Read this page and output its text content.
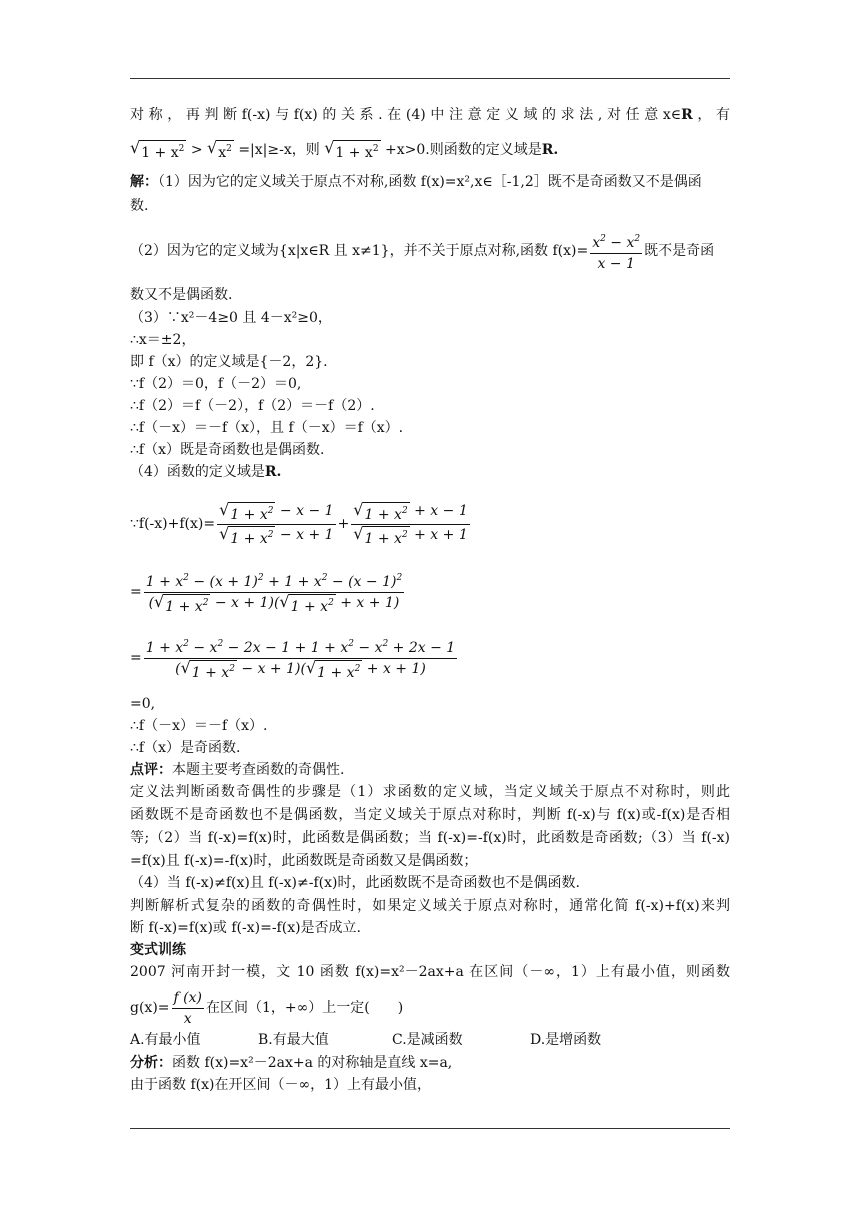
对称，再判断f(-x)与f(x)的关系.在(4)中注意定义域的求法,对任意x∈R，有
√ $1 + x^2$ > √ $x^2 =|x|\ge-x$，则 √ $1 + x^2 +x>0$.则函数的定义域是R.
解：（1）因为它的定义域关于原点不对称,函数 f(x)=x²,x∈［-1,2］既不是奇函数又不是偶函
数.
（2）因为它的定义域为{x|x∈R 且 x≠1}，并不关于原点对称,函数 $f(x)= \frac{x^2 - x^2}{x - 1}$ 既不是奇函
数又不是偶函数.
（3）∵x²－4≥0 且 4－x²≥0，
∴x＝±2，
即 f（x）的定义域是{－2，2}.
∵f（2）＝0，f（－2）＝0,
∴f（2）＝f（－2），f（2）＝－f（2）.
∴f（－x）＝－f（x），且 f（－x）＝f（x）.
∴f（x）既是奇函数也是偶函数.
（4）函数的定义域是R.
∵f(-x)+f(x)= $\frac{√ 1 + x^2 - x - 1}{√ 1 + x^2 - x + 1} + \frac{√ 1 + x^2 + x - 1}{√ 1 + x^2 + x + 1}$
= $\frac{1 + x^2 - (x + 1)^2 + 1 + x^2 - (x - 1)^2}{( √ 1 + x^2 - x + 1)( √ 1 + x^2 + x + 1)}$
= $\frac{1 + x^2 - x^2 - 2x - 1 + 1 + x^2 - x^2 + 2x - 1}{( √ 1 + x^2 - x + 1)( √ 1 + x^2 + x + 1)}$
=0,
∴f（－x）＝－f（x）.
∴f（x）是奇函数.
点评：本题主要考查函数的奇偶性.
定义法判断函数奇偶性的步骤是（1）求函数的定义域，当定义域关于原点不对称时，则此
函数既不是奇函数也不是偶函数，当定义域关于原点对称时，判断 f(-x)与 f(x)或-f(x)是否相
等;（2）当 f(-x)=f(x)时，此函数是偶函数；当 f(-x)=-f(x)时，此函数是奇函数;（3）当 f(-x)
=f(x)且 f(-x)=-f(x)时，此函数既是奇函数又是偶函数；
（4）当 f(-x)≠f(x)且 f(-x)≠-f(x)时，此函数既不是奇函数也不是偶函数.
判断解析式复杂的函数的奇偶性时，如果定义域关于原点对称时，通常化简 f(-x)+f(x)来判
断 f(-x)=f(x)或 f(-x)=-f(x)是否成立.
变式训练
2007 河南开封一模，文 10 函数 f(x)=x²－2ax+a 在区间（－∞，1）上有最小值，则函数
$g(x)= \frac{f (x)}{x}$ 在区间（1，+∞）上一定(　　)
A.有最小值	B.有最大值	C.是减函数	D.是增函数
分析：函数 f(x)=x²－2ax+a 的对称轴是直线 x=a,
由于函数 f(x)在开区间（－∞，1）上有最小值，
